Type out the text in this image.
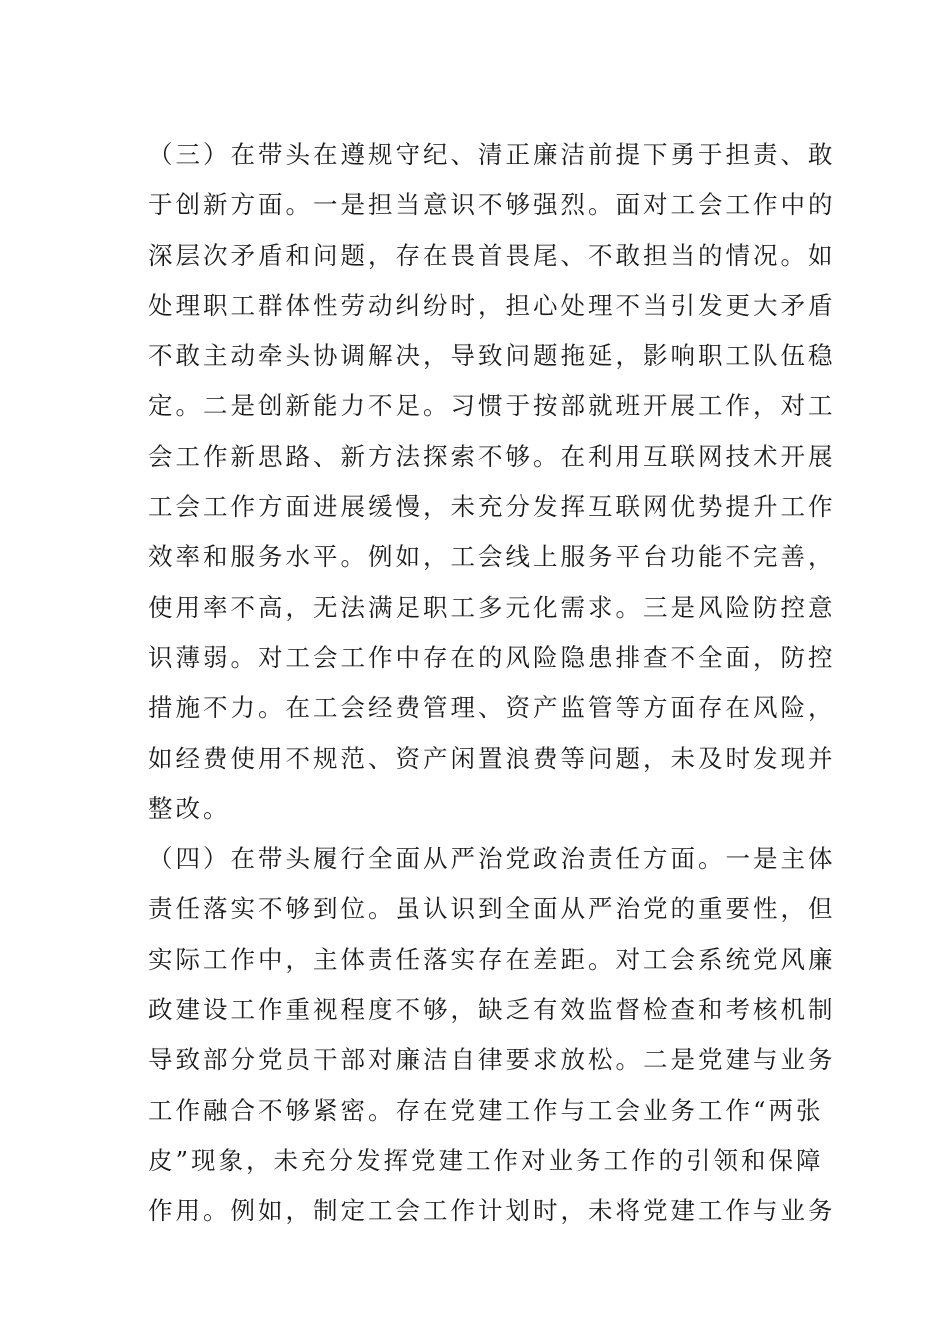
（三）在带头在遵规守纪、清正廉洁前提下勇于担责、敢
于创新方面。一是担当意识不够强烈。面对工会工作中的
深层次矛盾和问题，存在畏首畏尾、不敢担当的情况。如
处理职工群体性劳动纠纷时，担心处理不当引发更大矛盾
不敢主动牵头协调解决，导致问题拖延，影响职工队伍稳
定。二是创新能力不足。习惯于按部就班开展工作，对工
会工作新思路、新方法探索不够。在利用互联网技术开展
工会工作方面进展缓慢，未充分发挥互联网优势提升工作
效率和服务水平。例如，工会线上服务平台功能不完善，
使用率不高，无法满足职工多元化需求。三是风险防控意
识薄弱。对工会工作中存在的风险隐患排查不全面，防控
措施不力。在工会经费管理、资产监管等方面存在风险，
如经费使用不规范、资产闲置浪费等问题，未及时发现并
整改。

（四）在带头履行全面从严治党政治责任方面。一是主体
责任落实不够到位。虽认识到全面从严治党的重要性，但
实际工作中，主体责任落实存在差距。对工会系统党风廉
政建设工作重视程度不够，缺乏有效监督检查和考核机制
导致部分党员干部对廉洁自律要求放松。二是党建与业务
工作融合不够紧密。存在党建工作与工会业务工作“两张
皮”现象，未充分发挥党建工作对业务工作的引领和保障
作用。例如，制定工会工作计划时，未将党建工作与业务
